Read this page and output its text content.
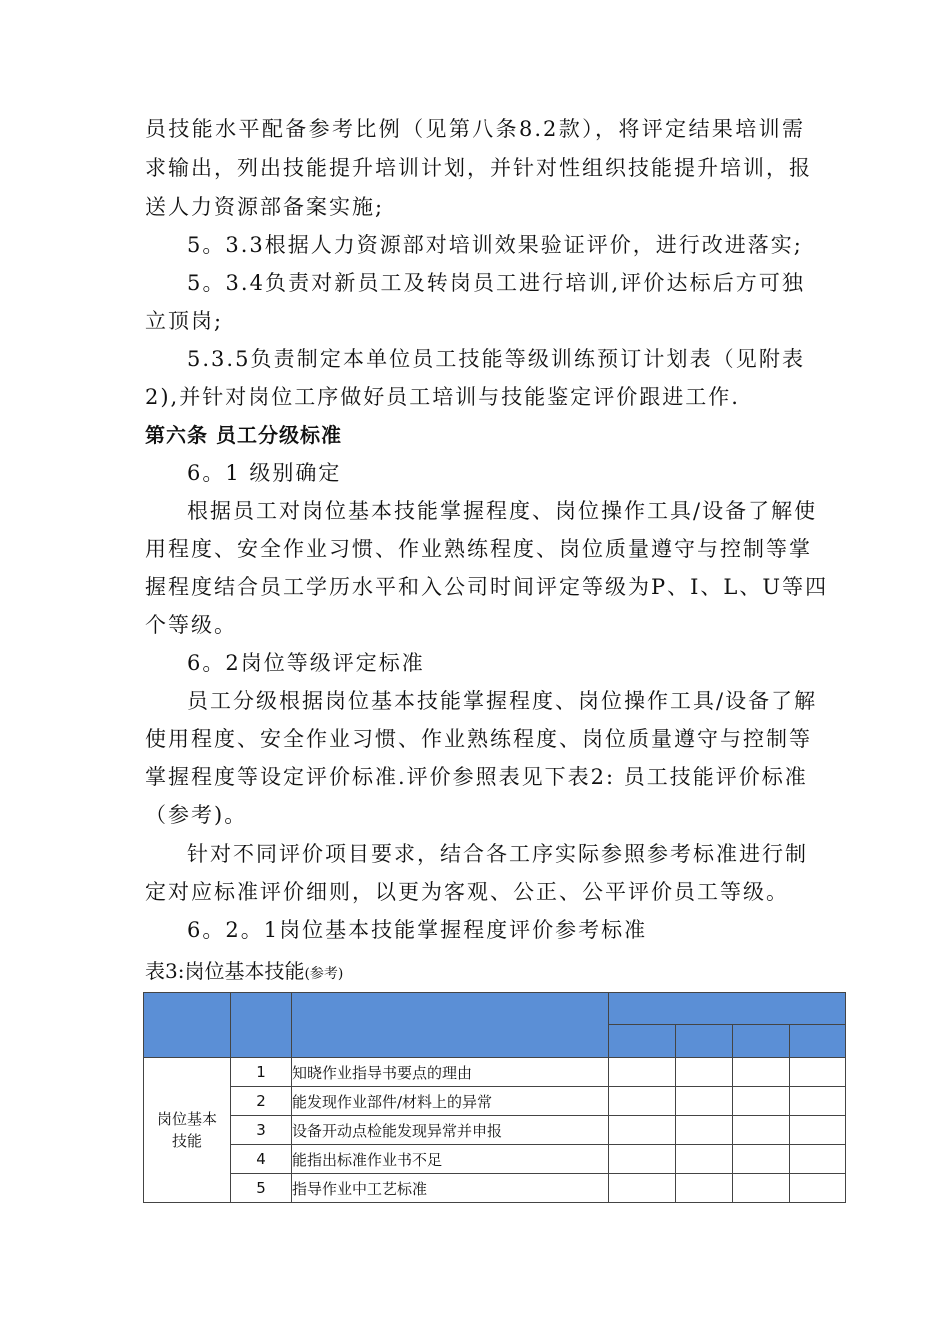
员技能水平配备参考比例（见第八条8.2款），将评定结果培训需
求输出，列出技能提升培训计划，并针对性组织技能提升培训，报
送人力资源部备案实施;
5。3.3根据人力资源部对培训效果验证评价，进行改进落实;
5。3.4负责对新员工及转岗员工进行培训,评价达标后方可独
立顶岗;
5.3.5负责制定本单位员工技能等级训练预订计划表（见附表
2),并针对岗位工序做好员工培训与技能鉴定评价跟进工作.
第六条 员工分级标准
6。1 级别确定
根据员工对岗位基本技能掌握程度、岗位操作工具/设备了解使
用程度、安全作业习惯、作业熟练程度、岗位质量遵守与控制等掌
握程度结合员工学历水平和入公司时间评定等级为P、I、L、U等四
个等级。
6。2岗位等级评定标准
员工分级根据岗位基本技能掌握程度、岗位操作工具/设备了解
使用程度、安全作业习惯、作业熟练程度、岗位质量遵守与控制等
掌握程度等设定评价标准.评价参照表见下表2: 员工技能评价标准
（参考)。
针对不同评价项目要求，结合各工序实际参照参考标准进行制
定对应标准评价细则，以更为客观、公正、公平评价员工等级。
6。2。1岗位基本技能掌握程度评价参考标准
表3:岗位基本技能(参考)

岗位基本技能	1	知晓作业指导书要点的理由				
	2	能发现作业部件/材料上的异常				
	3	设备开动点检能发现异常并申报				
	4	能指出标准作业书不足				
	5	指导作业中工艺标准				
